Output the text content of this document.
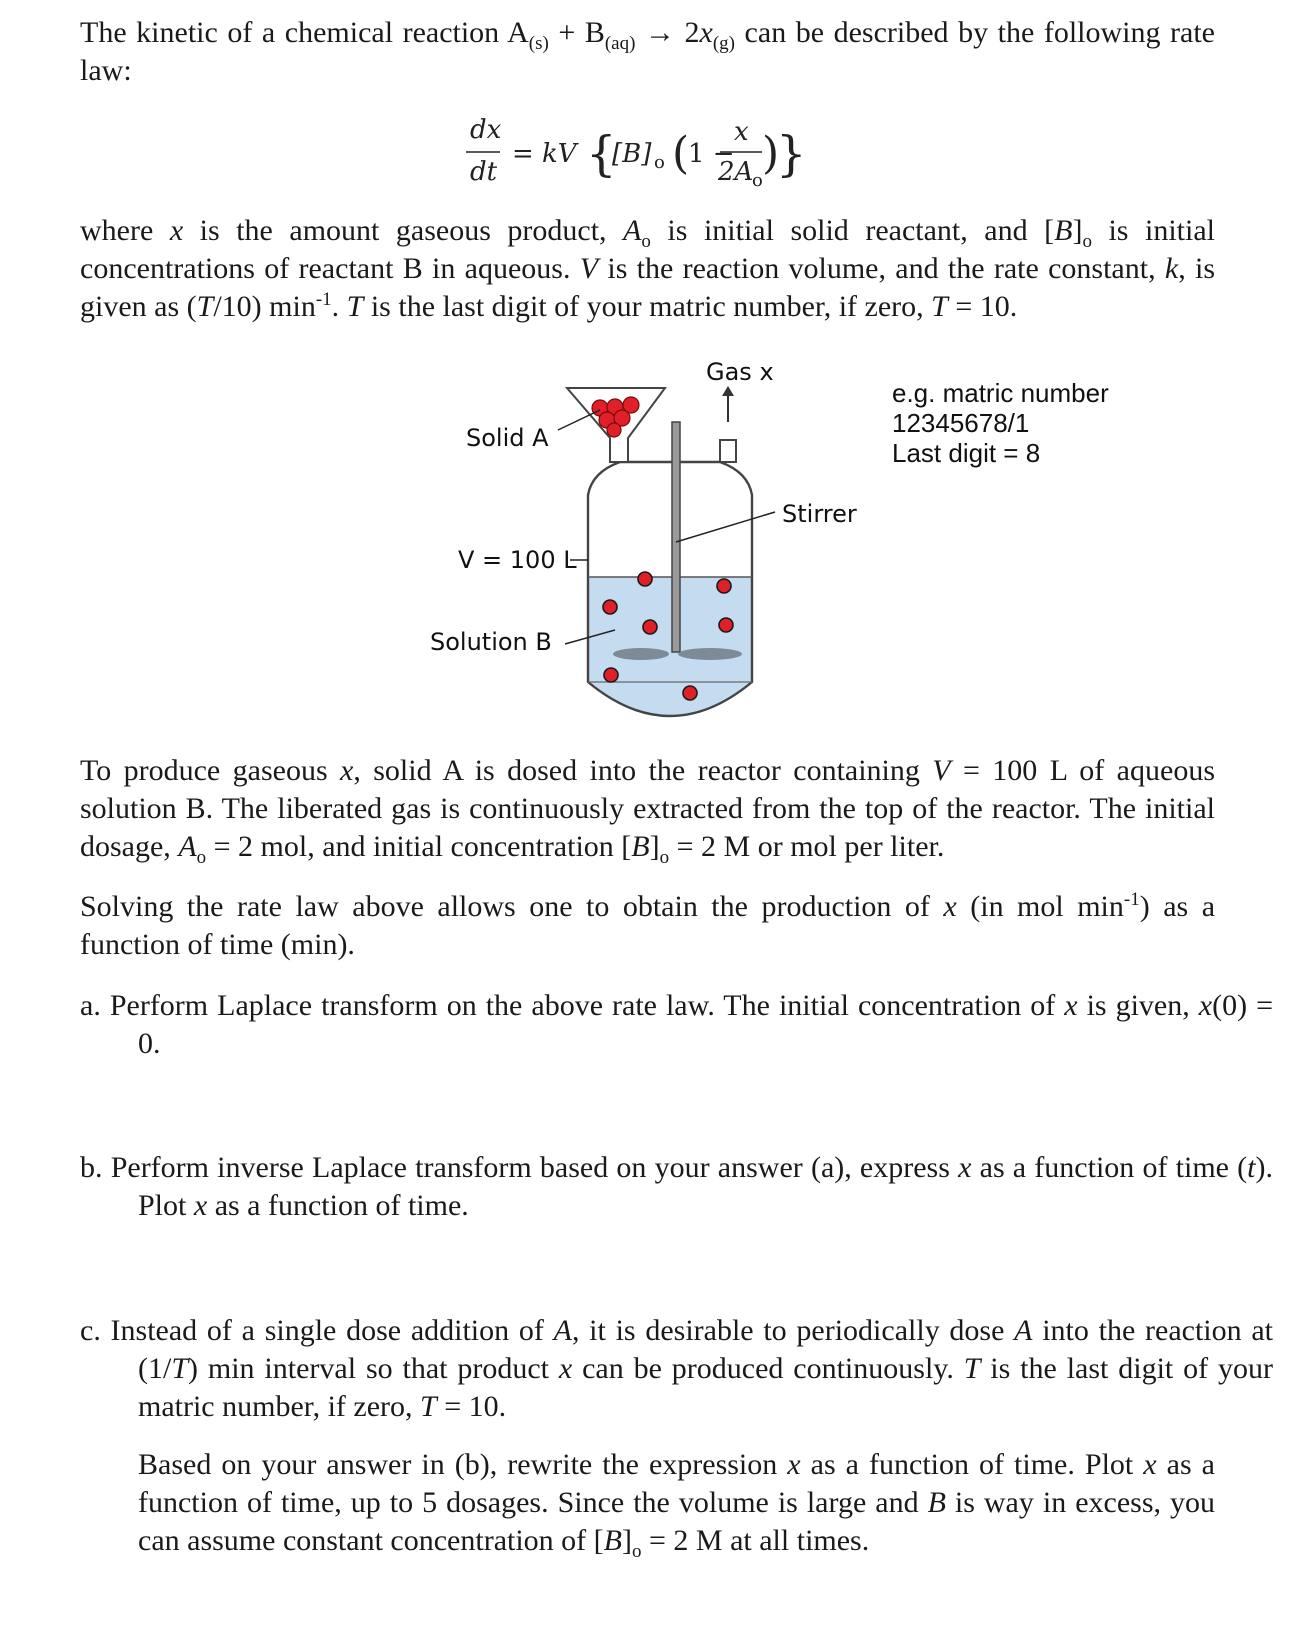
The kinetic of a chemical reaction $A_{(s)} + B_{(aq)} \to 2x_{(g)}$ can be described by the following rate law:

dx
dt
= kV {
[B] o (
1 −
x
2A
o
)
}

where x is the amount gaseous product, $A_o$ is initial solid reactant, and $[B]_o$ is initial concentrations of reactant B in aqueous. V is the reaction volume, and the rate constant, k, is given as (T/10) $\min^{-1}$. T is the last digit of your matric number, if zero, T = 10.

Gas x
Solid A
Stirrer
V = 100 L
Solution B
e.g. matric number
12345678/1
Last digit = 8

To produce gaseous x, solid A is dosed into the reactor containing V = 100 L of aqueous solution B. The liberated gas is continuously extracted from the top of the reactor. The initial dosage, $A_o = 2$ mol, and initial concentration $[B]_o = 2$ M or mol per liter.

Solving the rate law above allows one to obtain the production of x (in mol $\min^{-1}$) as a function of time (min).

a. Perform Laplace transform on the above rate law. The initial concentration of x is given, x(0) = 0.

b. Perform inverse Laplace transform based on your answer (a), express x as a function of time (t). Plot x as a function of time.

c. Instead of a single dose addition of A, it is desirable to periodically dose A into the reaction at (1/T) min interval so that product x can be produced continuously. T is the last digit of your matric number, if zero, T = 10.

Based on your answer in (b), rewrite the expression x as a function of time. Plot x as a function of time, up to 5 dosages. Since the volume is large and B is way in excess, you can assume constant concentration of $[B]_o = 2$ M at all times.
